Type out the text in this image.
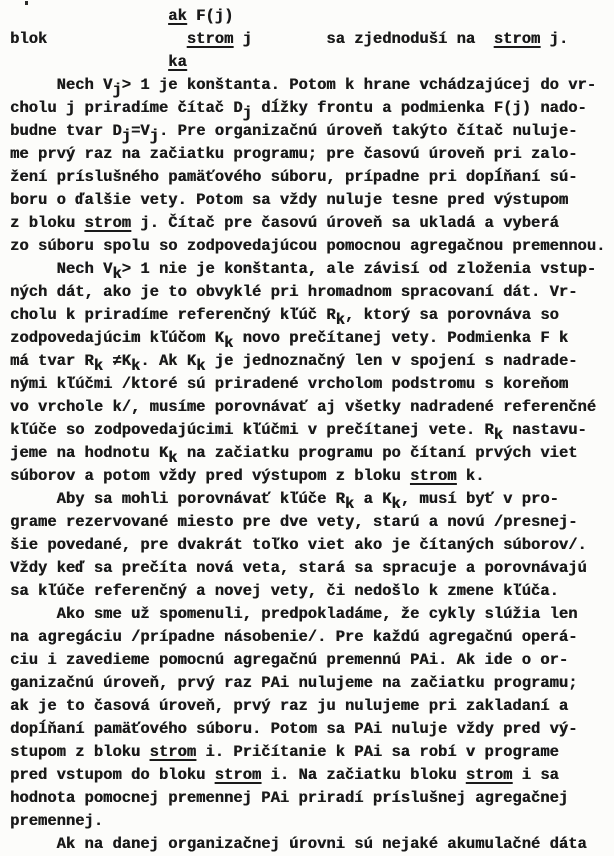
ak F(j)
blok               strom j        sa zjednoduší na  strom j.
ka
Nech Vj> 1 je konštanta. Potom k hrane vchádzajúcej do vr-
cholu j priradíme čítač Dj dĺžky frontu a podmienka F(j) nado-
budne tvar Dj=Vj. Pre organizačnú úroveň takýto čítač nuluje-
me prvý raz na začiatku programu; pre časovú úroveň pri zalo-
žení príslušného pamäťového súboru, prípadne pri dopĺňaní sú-
boru o ďalšie vety. Potom sa vždy nuluje tesne pred výstupom
z bloku strom j. Čítač pre časovú úroveň sa ukladá a vyberá
zo súboru spolu so zodpovedajúcou pomocnou agregačnou premennou.
Nech Vk> 1 nie je konštanta, ale závisí od zloženia vstup-
ných dát, ako je to obvyklé pri hromadnom spracovaní dát. Vr-
cholu k priradíme referenčný kľúč Rk, ktorý sa porovnáva so
zodpovedajúcim kľúčom Kk novo prečítanej vety. Podmienka F k
má tvar Rk ≠Kk. Ak Kk je jednoznačný len v spojení s nadrade-
nými kľúčmi /ktoré sú priradené vrcholom podstromu s koreňom
vo vrchole k/, musíme porovnávať aj všetky nadradené referenčné
kľúče so zodpovedajúcimi kľúčmi v prečítanej vete. Rk nastavu-
jeme na hodnotu Kk na začiatku programu po čítaní prvých viet
súborov a potom vždy pred výstupom z bloku strom k.
Aby sa mohli porovnávať kľúče Rk a Kk, musí byť v pro-
grame rezervované miesto pre dve vety, starú a novú /presnej-
šie povedané, pre dvakrát toľko viet ako je čítaných súborov/.
Vždy keď sa prečíta nová veta, stará sa spracuje a porovnávajú
sa kľúče referenčný a novej vety, či nedošlo k zmene kľúča.
Ako sme už spomenuli, predpokladáme, že cykly slúžia len
na agregáciu /prípadne násobenie/. Pre každú agregačnú operá-
ciu i zavedieme pomocnú agregačnú premennú PAi. Ak ide o or-
ganizačnú úroveň, prvý raz PAi nulujeme na začiatku programu;
ak je to časová úroveň, prvý raz ju nulujeme pri zakladaní a
dopĺňaní pamäťového súboru. Potom sa PAi nuluje vždy pred vý-
stupom z bloku strom i. Pričítanie k PAi sa robí v programe
pred vstupom do bloku strom i. Na začiatku bloku strom i sa
hodnota pomocnej premennej PAi priradí príslušnej agregačnej
premennej.
Ak na danej organizačnej úrovni sú nejaké akumulačné dáta
